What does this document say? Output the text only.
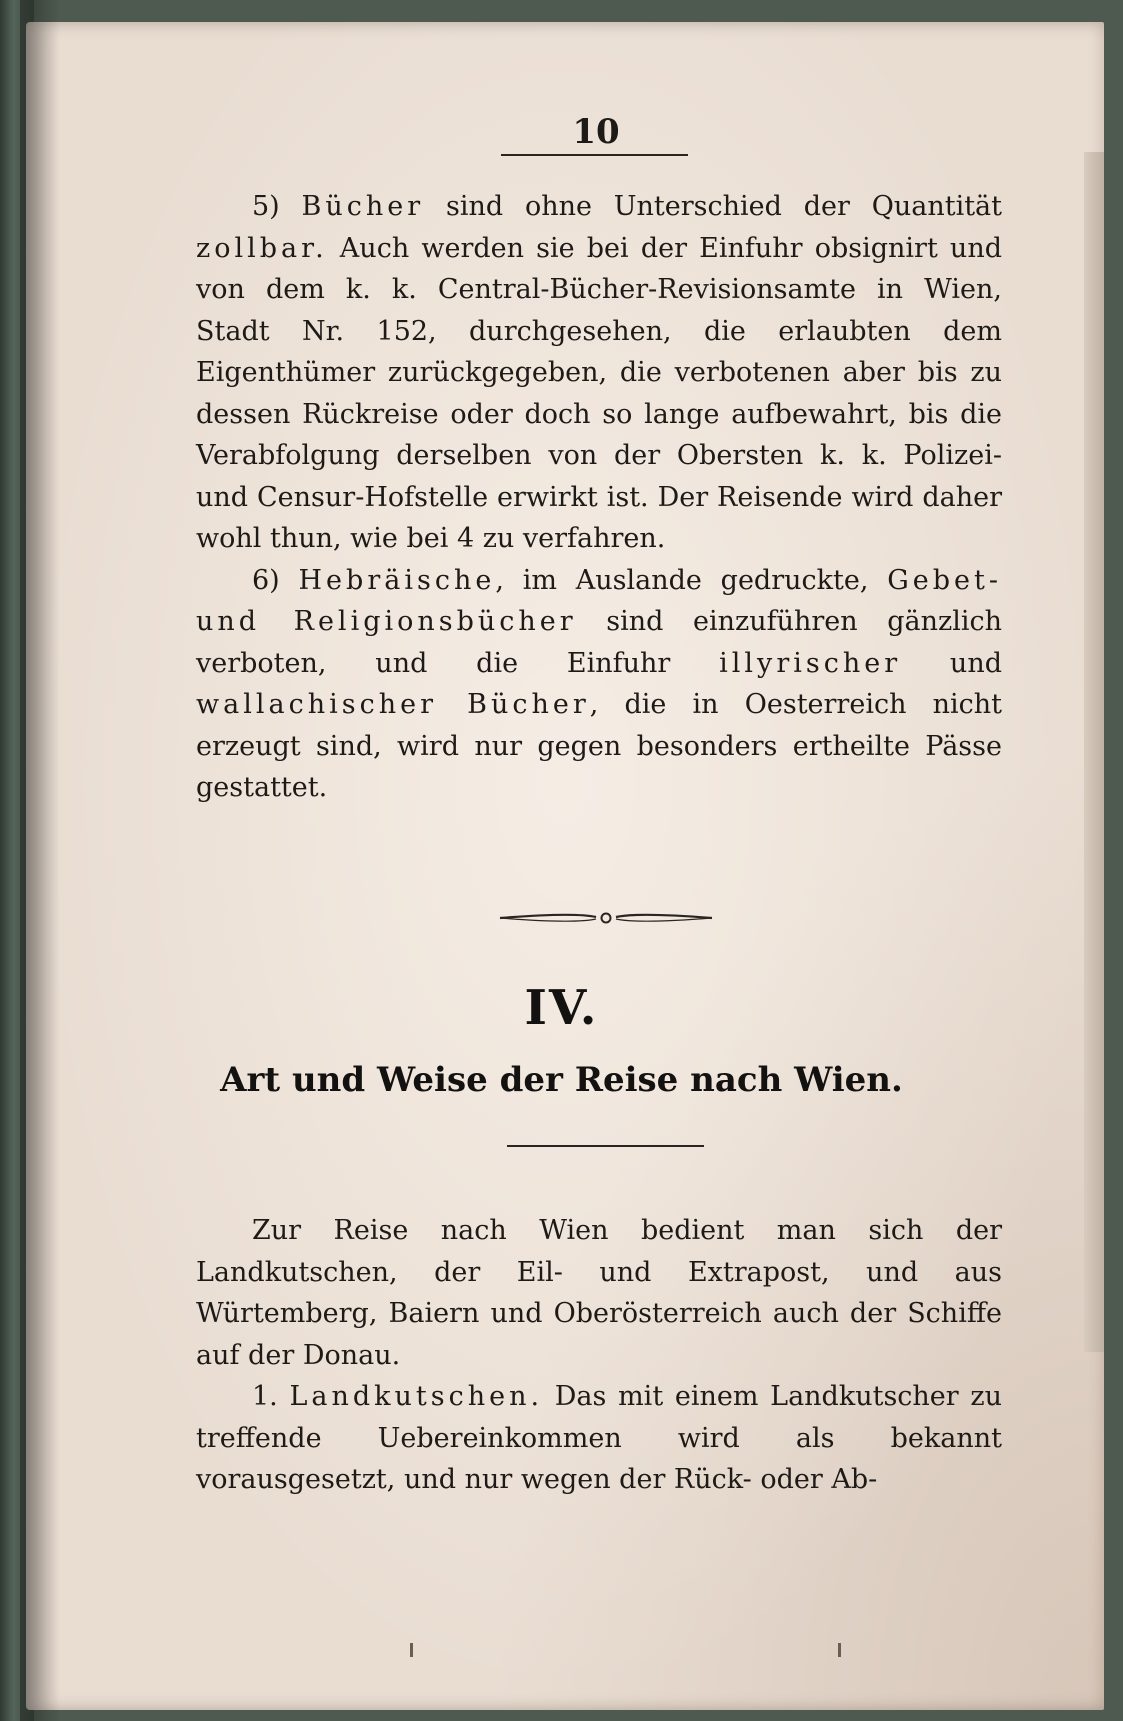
10

5) Bücher sind ohne Unterschied der Quantität zollbar. Auch werden sie bei der Einfuhr obsignirt und von dem k. k. Central-Bücher-Revisionsamte in Wien, Stadt Nr. 152, durchgesehen, die erlaubten dem Eigenthümer zurückgegeben, die verbotenen aber bis zu dessen Rückreise oder doch so lange aufbewahrt, bis die Verabfolgung derselben von der Obersten k. k. Polizei- und Censur-Hofstelle erwirkt ist. Der Reisende wird daher wohl thun, wie bei 4 zu verfahren.

6) Hebräische, im Auslande gedruckte, Gebet- und Religionsbücher sind einzuführen gänzlich verboten, und die Einfuhr illyrischer und wallachischer Bücher, die in Oesterreich nicht erzeugt sind, wird nur gegen besonders ertheilte Pässe gestattet.

IV.
Art und Weise der Reise nach Wien.

Zur Reise nach Wien bedient man sich der Landkutschen, der Eil- und Extrapost, und aus Würtemberg, Baiern und Oberösterreich auch der Schiffe auf der Donau.

1. Landkutschen. Das mit einem Landkutscher zu treffende Uebereinkommen wird als bekannt vorausgesetzt, und nur wegen der Rück- oder Ab-
